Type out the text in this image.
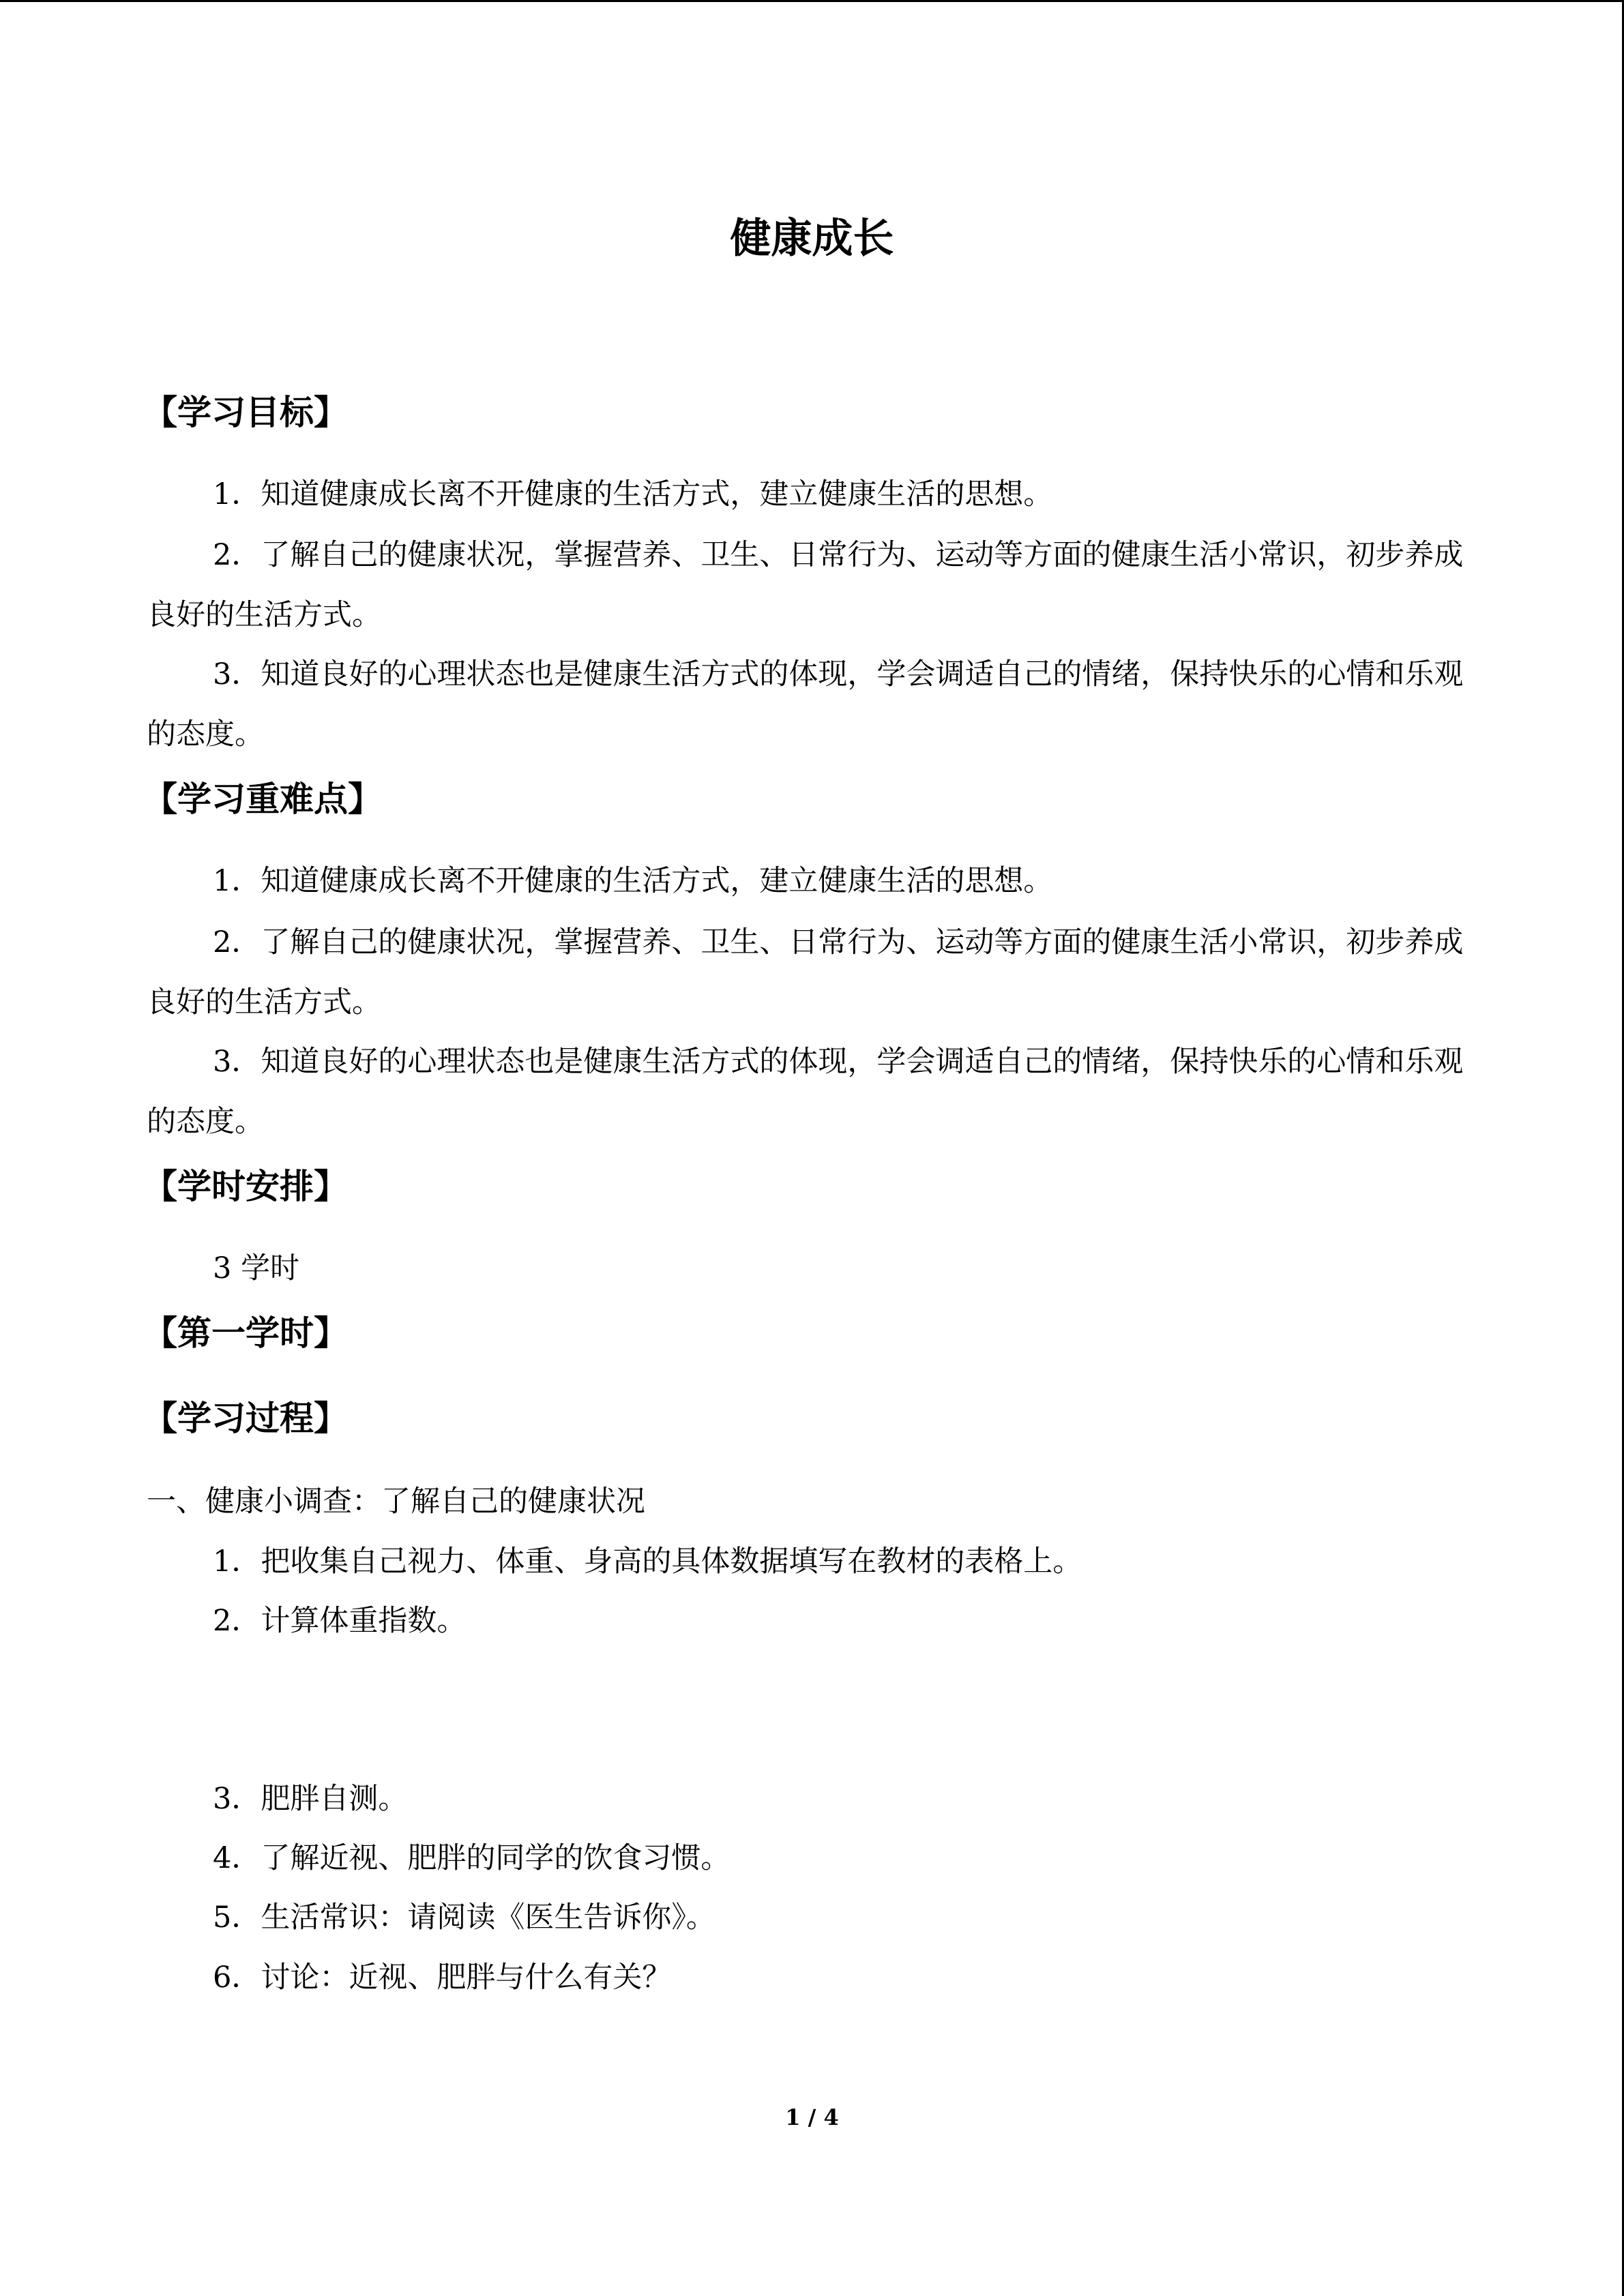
健康成长
【学习目标】
1．知道健康成长离不开健康的生活方式，建立健康生活的思想。

2．了解自己的健康状况，掌握营养、卫生、日常行为、运动等方面的健康生活小常识，初步养成良好的生活方式。

3．知道良好的心理状态也是健康生活方式的体现，学会调适自己的情绪，保持快乐的心情和乐观的态度。

【学习重难点】
1．知道健康成长离不开健康的生活方式，建立健康生活的思想。

2．了解自己的健康状况，掌握营养、卫生、日常行为、运动等方面的健康生活小常识，初步养成良好的生活方式。

3．知道良好的心理状态也是健康生活方式的体现，学会调适自己的情绪，保持快乐的心情和乐观的态度。

【学时安排】
3 学时
【第一学时】
【学习过程】
一、健康小调查：了解自己的健康状况
1．把收集自己视力、体重、身高的具体数据填写在教材的表格上。
2．计算体重指数。
3．肥胖自测。
4．了解近视、肥胖的同学的饮食习惯。
5．生活常识：请阅读《医生告诉你》。
6．讨论：近视、肥胖与什么有关？
1 / 4
